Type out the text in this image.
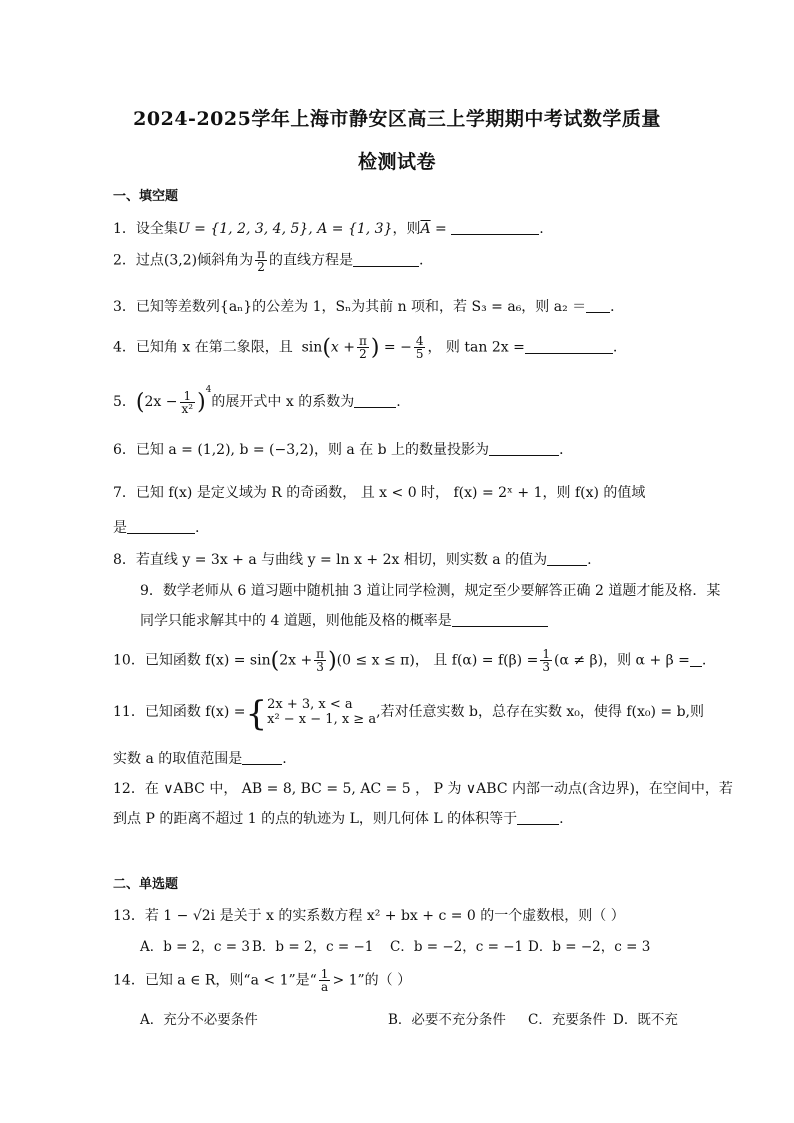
2024-2025学年上海市静安区高三上学期期中考试数学质量
检测试卷
一、填空题
1．设全集U = {1, 2, 3, 4, 5}, A = {1, 3}，则$\overline{A}$ =	.
2．过点(3,2)倾斜角为 $\frac{\pi}{2}$ 的直线方程是	.
3．已知等差数列{aₙ}的公差为 1，Sₙ为其前 n 项和，若 S₃ = a₆，则 a₂ ＝ ．
4．已知角 x 在第二象限，且 $\sin(x + \frac{\pi}{2}$ ) = − $\frac{4}{5}$ ， 则 tan 2x =	.
5．$(2x - \frac{1}{\text{x²}} )^4$的展开式中 x 的系数为	.
6．已知 a = (1,2), b = (−3,2)，则 a 在 b 上的数量投影为	．
7．已知 f(x) 是定义域为 R 的奇函数， 且 x < 0 时， f(x) = 2ˣ + 1，则 f(x) 的值域
是	.
8．若直线 y = 3x + a 与曲线 y = ln x + 2x 相切，则实数 a 的值为	.
9．数学老师从 6 道习题中随机抽 3 道让同学检测，规定至少要解答正确 2 道题才能及格．某
同学只能求解其中的 4 道题，则他能及格的概率是
10．已知函数 $f(x) = \sin(2x + \frac{\pi}{3} )(0 \le x \le \pi)$， 且 $f(\alpha) = f(\beta) = \frac{1}{3} (\alpha \ne \beta)$，则 α + β = .
11．已知函数 f(x) ={ 2x + 3, x < a
x² − x − 1, x ≥ a ,若对任意实数 b，总存在实数 x₀，使得 f(x₀) = b,则
实数 a 的取值范围是	.
12．在 ∨ABC 中， AB = 8, BC = 5, AC = 5 ， P 为 ∨ABC 内部一动点(含边界)，在空间中，若
到点 P 的距离不超过 1 的点的轨迹为 L，则几何体 L 的体积等于	.
二、单选题
13．若 1 − √2i 是关于 x 的实系数方程 x² + bx + c = 0 的一个虚数根，则（ ）
A．b = 2，c = 3 B．b = 2，c = −1 C．b = −2，c = −1 D．b = −2，c = 3
14．已知 a ∈ R，则“a < 1”是“ $\frac{1}{a} > 1$”的（ ）
A．充分不必要条件	B．必要不充分条件 C．充要条件 D．既不充
